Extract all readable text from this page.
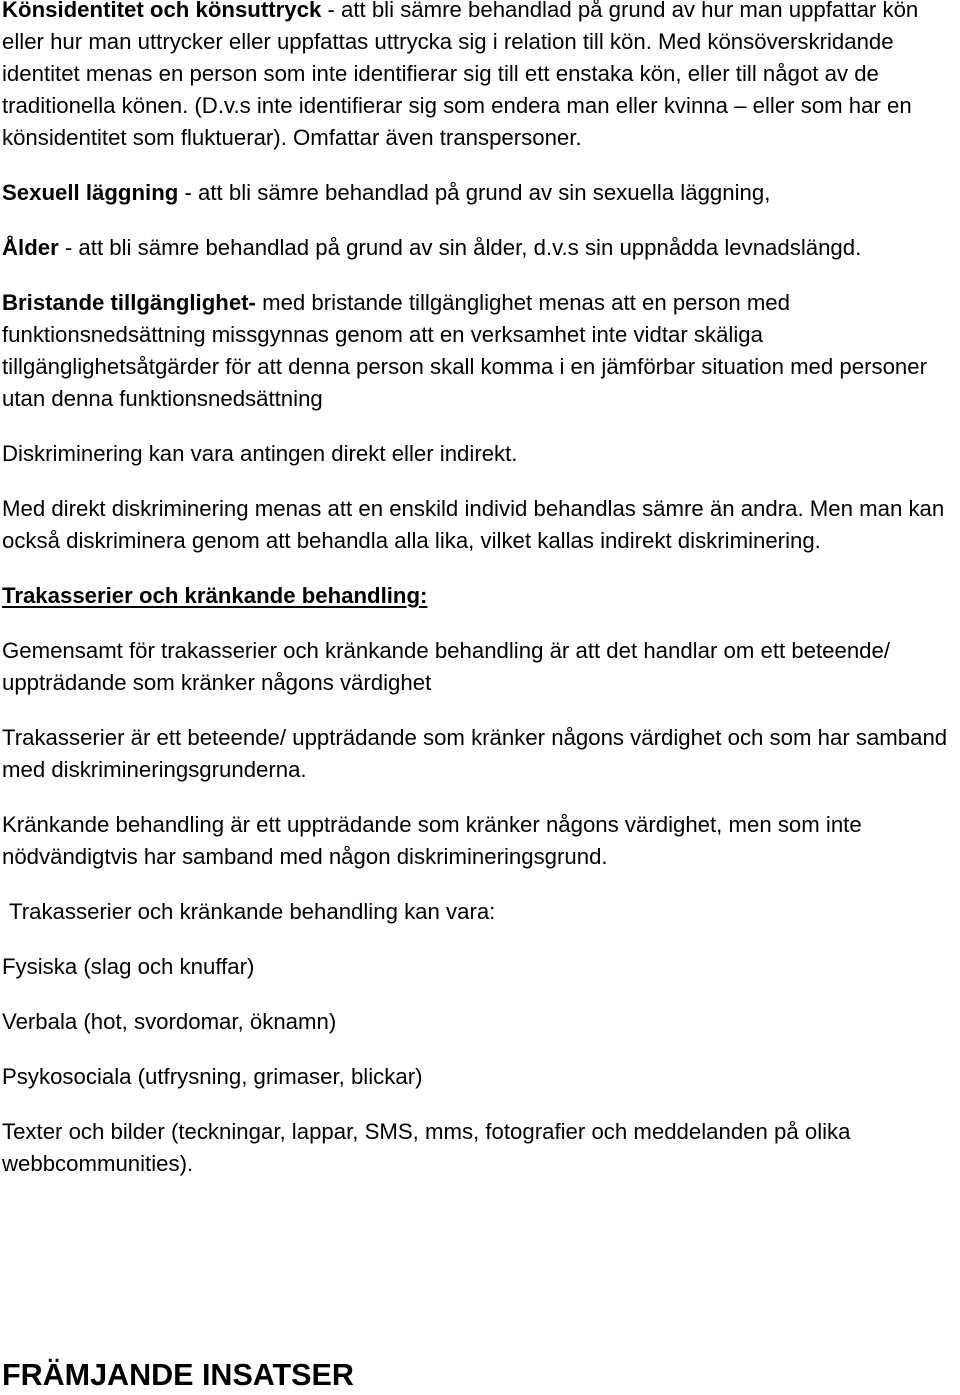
Könsidentitet och könsuttryck - att bli sämre behandlad på grund av hur man uppfattar kön eller hur man uttrycker eller uppfattas uttrycka sig i relation till kön. Med könsöverskridande identitet menas en person som inte identifierar sig till ett enstaka kön, eller till något av de traditionella könen. (D.v.s inte identifierar sig som endera man eller kvinna – eller som har en könsidentitet som fluktuerar). Omfattar även transpersoner.

Sexuell läggning - att bli sämre behandlad på grund av sin sexuella läggning,

Ålder - att bli sämre behandlad på grund av sin ålder, d.v.s sin uppnådda levnadslängd.

Bristande tillgänglighet- med bristande tillgänglighet menas att en person med funktionsnedsättning missgynnas genom att en verksamhet inte vidtar skäliga tillgänglighetsåtgärder för att denna person skall komma i en jämförbar situation med personer utan denna funktionsnedsättning

Diskriminering kan vara antingen direkt eller indirekt.

Med direkt diskriminering menas att en enskild individ behandlas sämre än andra. Men man kan också diskriminera genom att behandla alla lika, vilket kallas indirekt diskriminering.

Trakasserier och kränkande behandling:

Gemensamt för trakasserier och kränkande behandling är att det handlar om ett beteende/ uppträdande som kränker någons värdighet

Trakasserier är ett beteende/ uppträdande som kränker någons värdighet och som har samband med diskrimineringsgrunderna.

Kränkande behandling är ett uppträdande som kränker någons värdighet, men som inte nödvändigtvis har samband med någon diskrimineringsgrund.

Trakasserier och kränkande behandling kan vara:

Fysiska (slag och knuffar)

Verbala (hot, svordomar, öknamn)

Psykosociala (utfrysning, grimaser, blickar)

Texter och bilder (teckningar, lappar, SMS, mms, fotografier och meddelanden på olika webbcommunities).

FRÄMJANDE INSATSER
